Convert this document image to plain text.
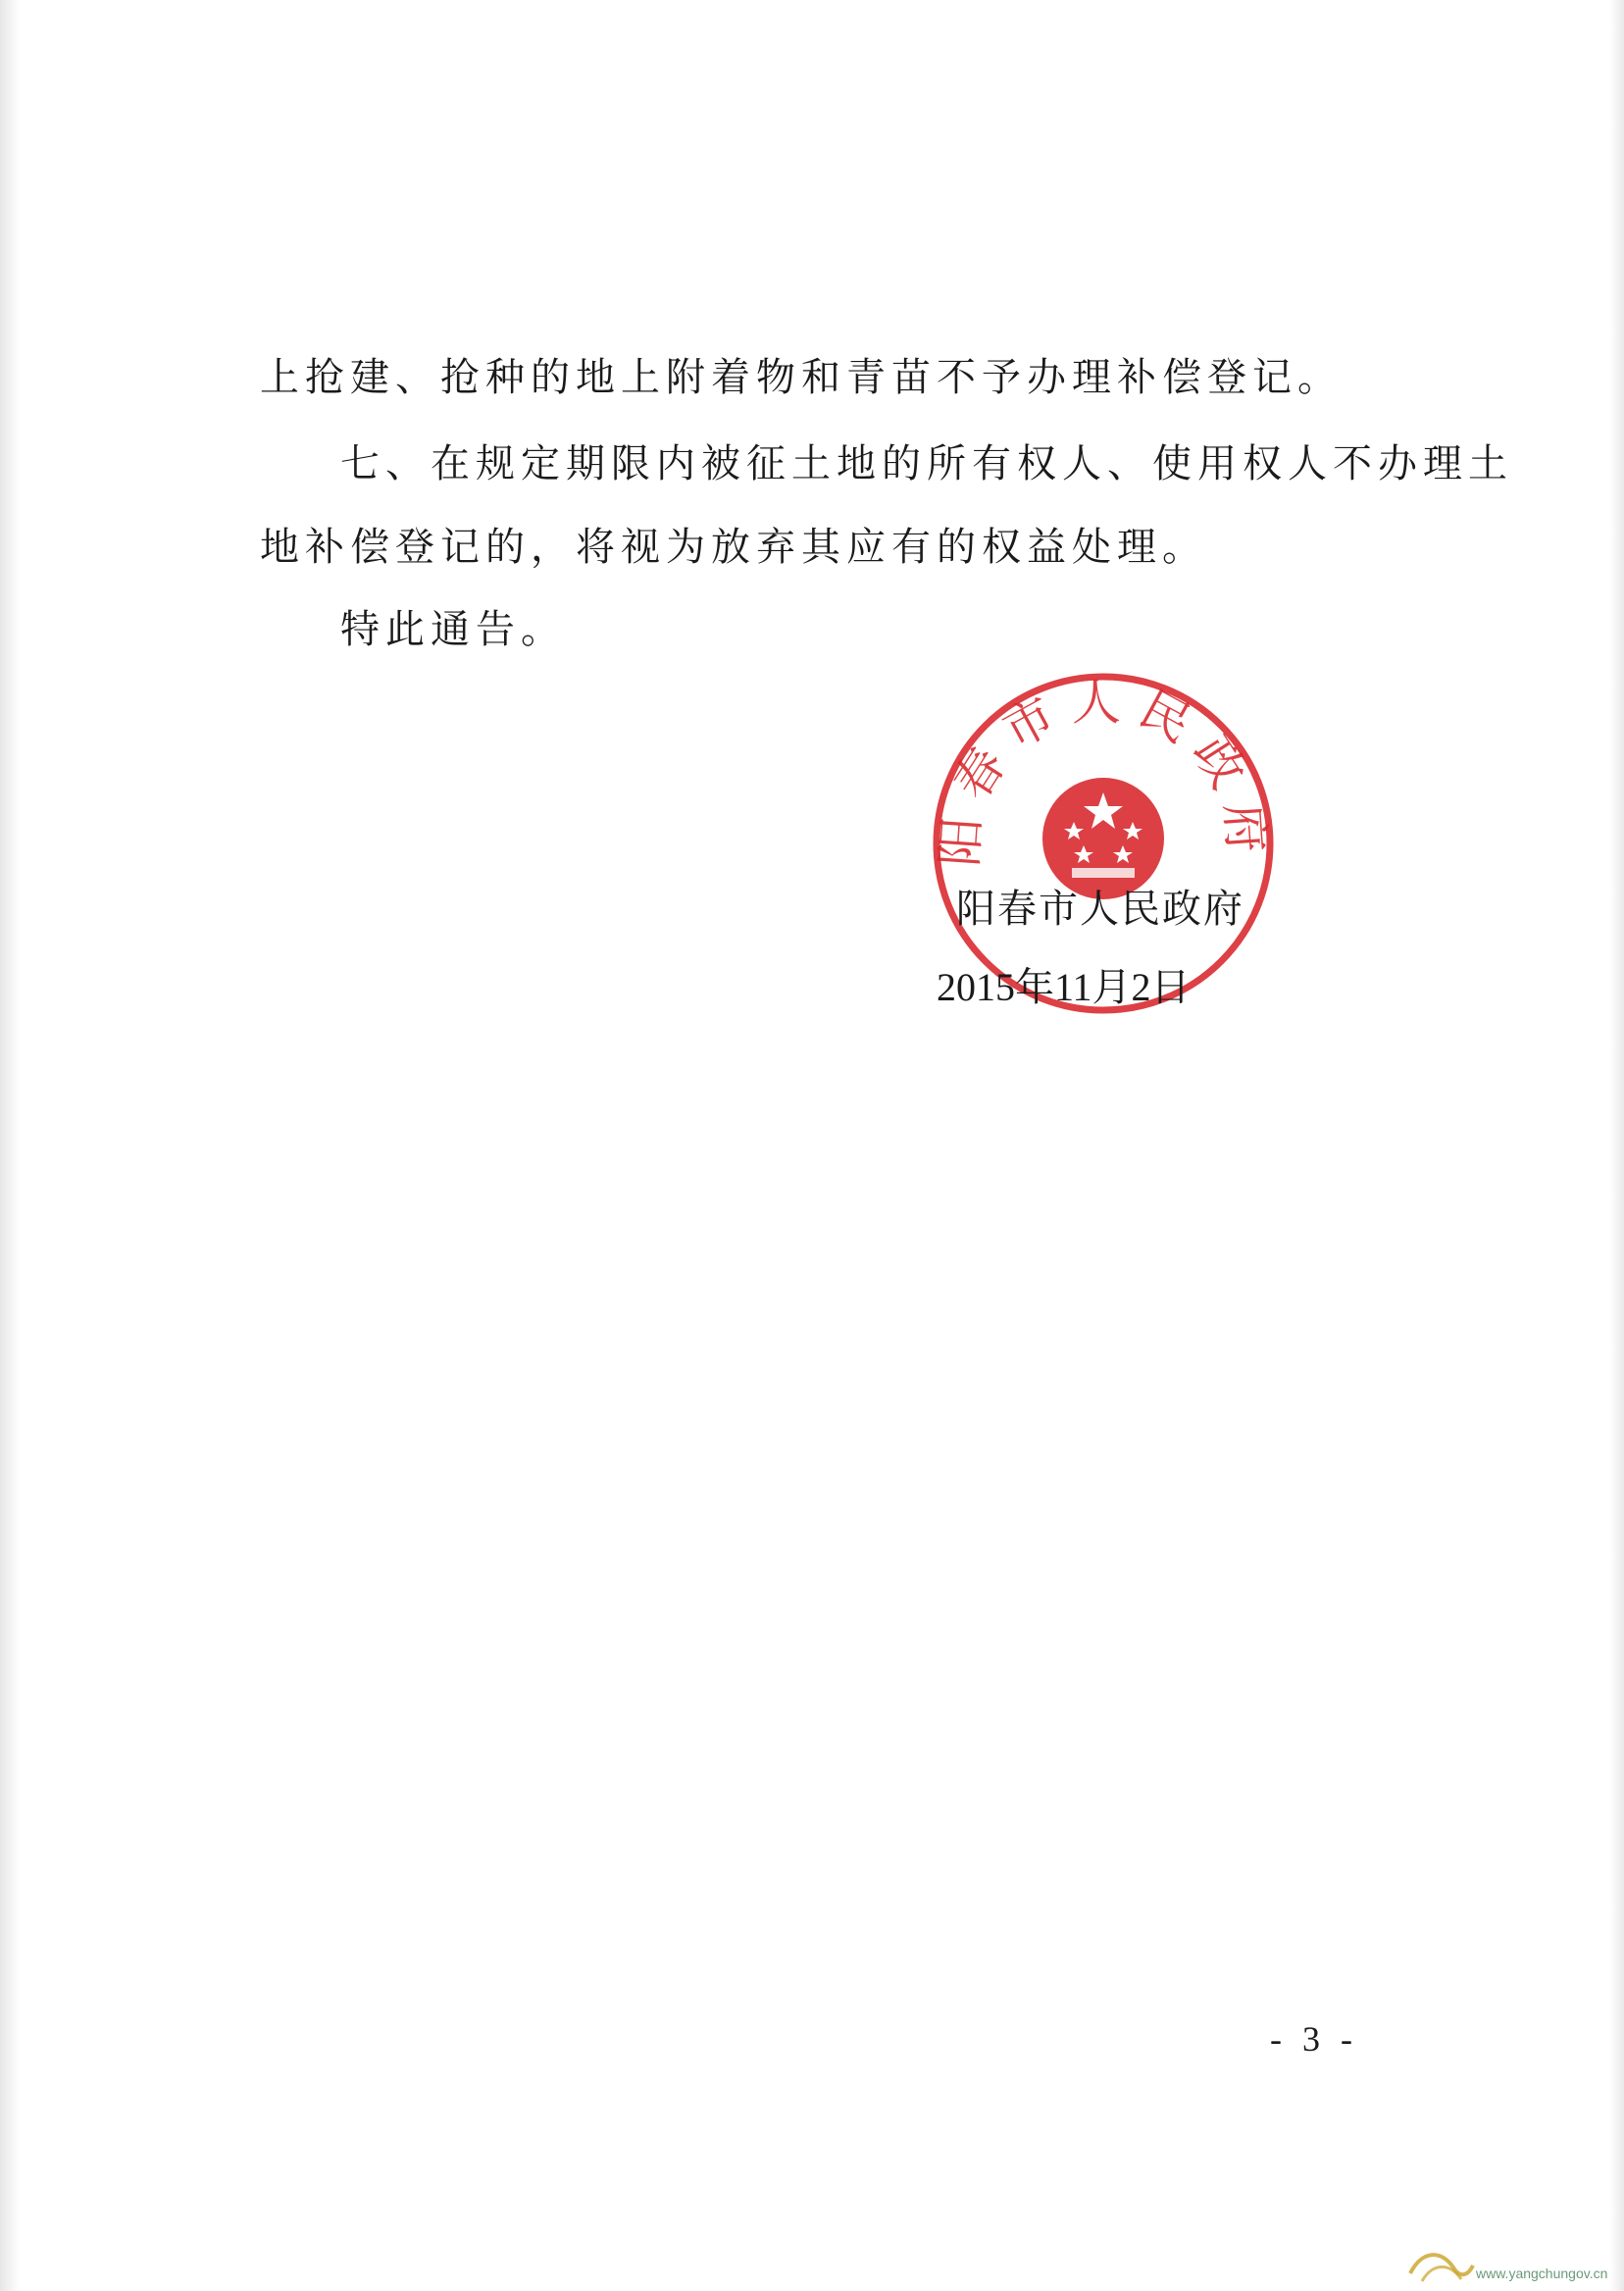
上抢建、抢种的地上附着物和青苗不予办理补偿登记。
七、在规定期限内被征土地的所有权人、使用权人不办理土
地补偿登记的，将视为放弃其应有的权益处理。
特此通告。
阳春市人民政府
阳春市人民政府
2015年11月2日
- 3 -
www.yangchungov.cn
